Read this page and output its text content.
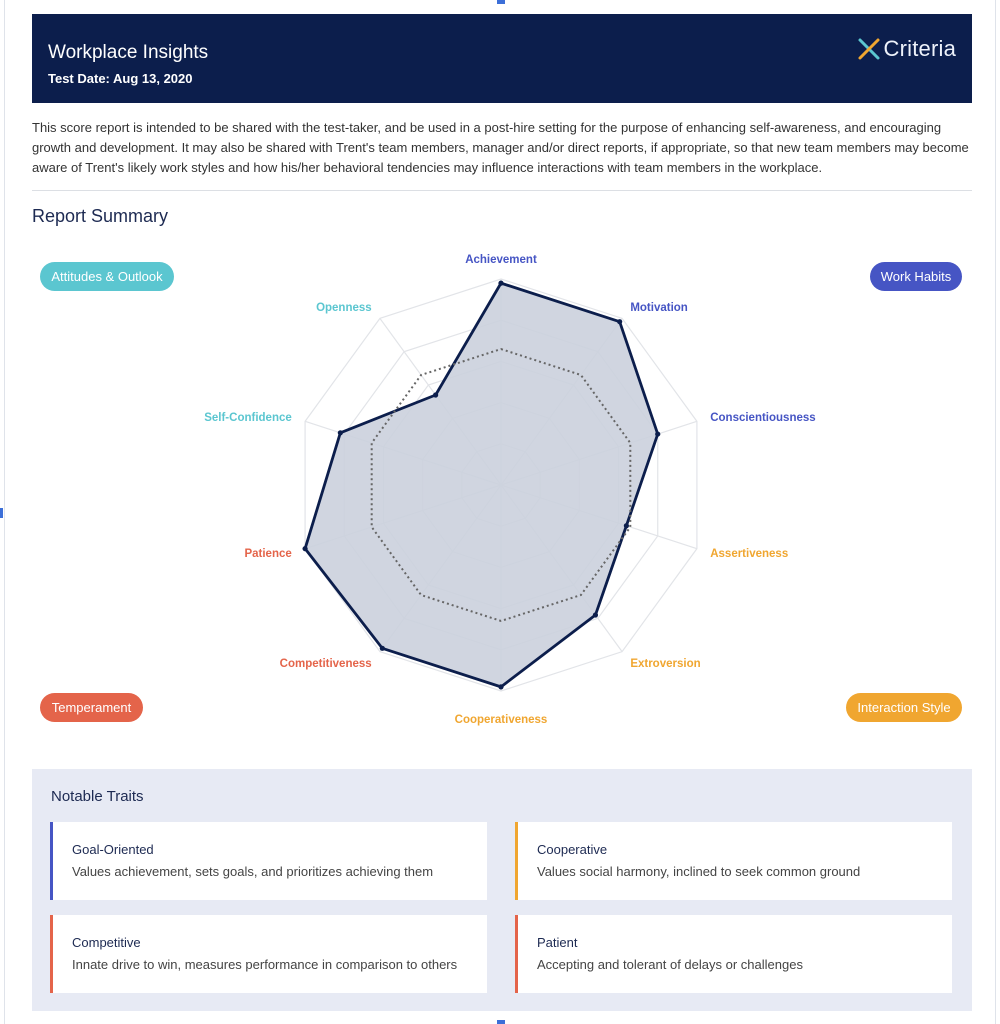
Workplace Insights
Test Date: Aug 13, 2020
Criteria
This score report is intended to be shared with the test-taker, and be used in a post-hire setting for the purpose of enhancing self-awareness, and encouraging growth and development. It may also be shared with Trent's team members, manager and/or direct reports, if appropriate, so that new team members may become aware of Trent's likely work styles and how his/her behavioral tendencies may influence interactions with team members in the workplace.
Report Summary
Attitudes & Outlook	Work Habits
Temperament	Interaction Style
Achievement
Motivation
Conscientiousness
Assertiveness
Extroversion
Cooperativeness
Competitiveness
Patience
Self-Confidence
Openness
Notable Traits
Goal-Oriented
Values achievement, sets goals, and prioritizes achieving them
Cooperative
Values social harmony, inclined to seek common ground
Competitive
Innate drive to win, measures performance in comparison to others
Patient
Accepting and tolerant of delays or challenges
